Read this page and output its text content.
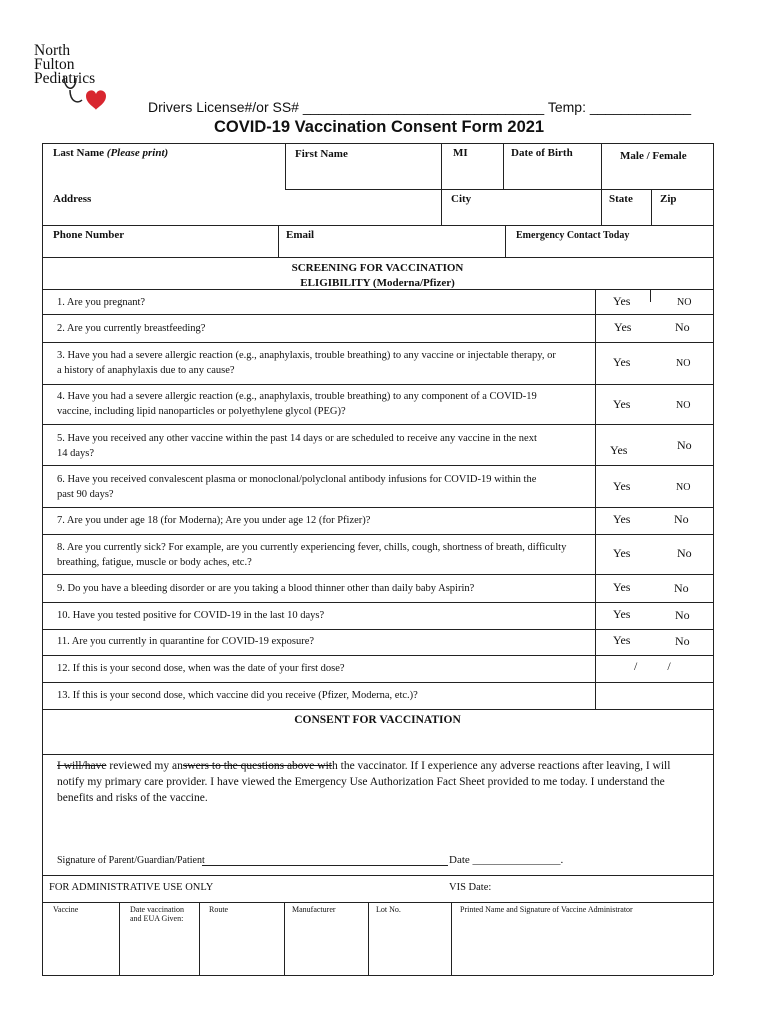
North
Fulton
Pediatrics
Drivers License#/or SS# _______________________________ Temp: _____________
COVID-19 Vaccination Consent Form 2021
Last Name (Please print)	First Name	MI	Date of Birth	Male / Female
Address	City	State Zip
Phone Number	Email	Emergency Contact Today
SCREENING FOR VACCINATION
ELIGIBILITY (Moderna/Pfizer)
1. Are you pregnant?	Yes	NO
2. Are you currently breastfeeding?	Yes	No
3. Have you had a severe allergic reaction (e.g., anaphylaxis, trouble breathing) to any vaccine or injectable therapy, or a history of anaphylaxis due to any cause?
Yes	NO
4. Have you had a severe allergic reaction (e.g., anaphylaxis, trouble breathing) to any component of a COVID-19 vaccine, including lipid nanoparticles or polyethylene glycol (PEG)?
Yes	NO
5. Have you received any other vaccine within the past 14 days or are scheduled to receive any vaccine in the next 14 days?	Yes	No
6. Have you received convalescent plasma or monoclonal/polyclonal antibody infusions for COVID-19 within the past 90 days?
Yes	NO
7. Are you under age 18 (for Moderna); Are you under age 12 (for Pfizer)?	Yes	No
8. Are you currently sick? For example, are you currently experiencing fever, chills, cough, shortness of breath, difficulty breathing, fatigue, muscle or body aches, etc.?
Yes	No
9. Do you have a bleeding disorder or are you taking a blood thinner other than daily baby Aspirin?	Yes	No
10. Have you tested positive for COVID-19 in the last 10 days?	Yes	No
11. Are you currently in quarantine for COVID-19 exposure?	Yes	No
12. If this is your second dose, when was the date of your first dose?	/          /
13. If this is your second dose, which vaccine did you receive (Pfizer, Moderna, etc.)?
CONSENT FOR VACCINATION
I will/have reviewed my answers to the questions above with the vaccinator. If I experience any adverse reactions after leaving, I will notify my primary care provider. I have viewed the Emergency Use Authorization Fact Sheet provided to me today. I understand the benefits and risks of the vaccine.
Signature of Parent/Guardian/Patient	Date ________________.
FOR ADMINISTRATIVE USE ONLY	VIS Date:
Vaccine	Date vaccination and EUA Given:
Route	Manufacturer	Lot No.	Printed Name and Signature of Vaccine Administrator
